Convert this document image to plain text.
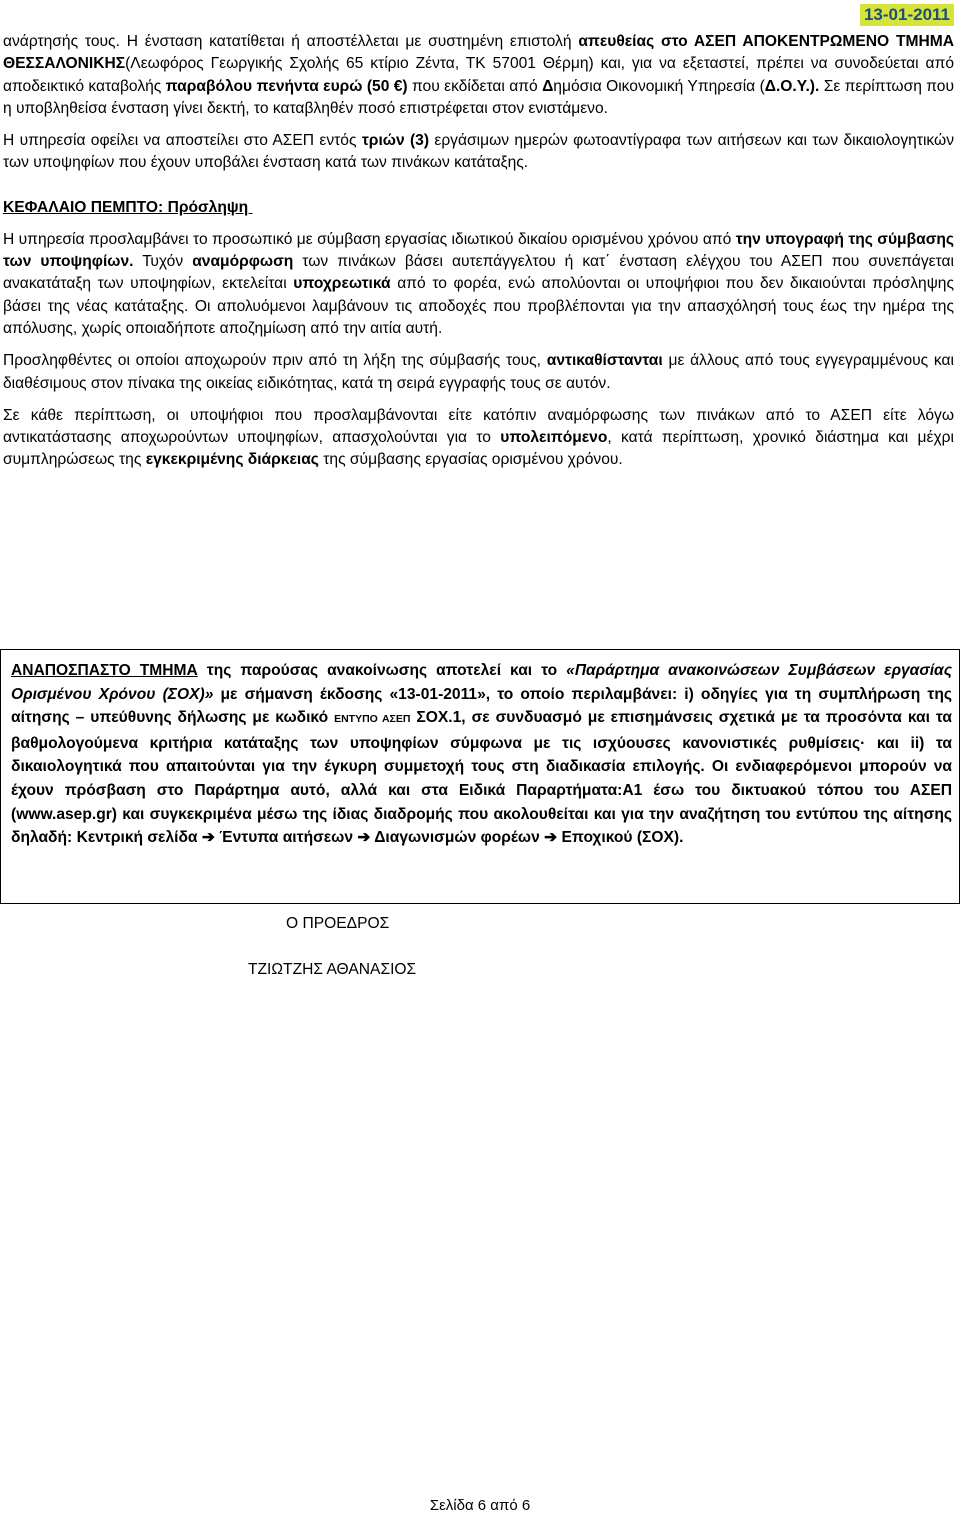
13-01-2011

ανάρτησής τους. Η ένσταση κατατίθεται ή αποστέλλεται με συστημένη επιστολή απευθείας στο ΑΣΕΠ ΑΠΟΚΕΝΤΡΩΜΕΝΟ ΤΜΗΜΑ ΘΕΣΣΑΛΟΝΙΚΗΣ(Λεωφόρος Γεωργικής Σχολής 65 κτίριο Ζέντα, ΤΚ 57001 Θέρμη) και, για να εξεταστεί, πρέπει να συνοδεύεται από αποδεικτικό καταβολής παραβόλου πενήντα ευρώ (50 €) που εκδίδεται από Δημόσια Οικονομική Υπηρεσία (Δ.Ο.Υ.). Σε περίπτωση που η υποβληθείσα ένσταση γίνει δεκτή, το καταβληθέν ποσό επιστρέφεται στον ενιστάμενο.

Η υπηρεσία οφείλει να αποστείλει στο ΑΣΕΠ εντός τριών (3) εργάσιμων ημερών φωτοαντίγραφα των αιτήσεων και των δικαιολογητικών των υποψηφίων που έχουν υποβάλει ένσταση κατά των πινάκων κατάταξης.

ΚΕΦΑΛΑΙΟ ΠΕΜΠΤΟ: Πρόσληψη

Η υπηρεσία προσλαμβάνει το προσωπικό με σύμβαση εργασίας ιδιωτικού δικαίου ορισμένου χρόνου από την υπογραφή της σύμβασης των υποψηφίων. Τυχόν αναμόρφωση των πινάκων βάσει αυτεπάγγελτου ή κατ΄ ένσταση ελέγχου του ΑΣΕΠ που συνεπάγεται ανακατάταξη των υποψηφίων, εκτελείται υποχρεωτικά από το φορέα, ενώ απολύονται οι υποψήφιοι που δεν δικαιούνται πρόσληψης βάσει της νέας κατάταξης. Οι απολυόμενοι λαμβάνουν τις αποδοχές που προβλέπονται για την απασχόλησή τους έως την ημέρα της απόλυσης, χωρίς οποιαδήποτε αποζημίωση από την αιτία αυτή.

Προσληφθέντες οι οποίοι αποχωρούν πριν από τη λήξη της σύμβασής τους, αντικαθίστανται με άλλους από τους εγγεγραμμένους και διαθέσιμους στον πίνακα της οικείας ειδικότητας, κατά τη σειρά εγγραφής τους σε αυτόν.

Σε κάθε περίπτωση, οι υποψήφιοι που προσλαμβάνονται είτε κατόπιν αναμόρφωσης των πινάκων από το ΑΣΕΠ είτε λόγω αντικατάστασης αποχωρούντων υποψηφίων, απασχολούνται για το υπολειπόμενο, κατά περίπτωση, χρονικό διάστημα και μέχρι συμπληρώσεως της εγκεκριμένης διάρκειας της σύμβασης εργασίας ορισμένου χρόνου.

ΑΝΑΠΟΣΠΑΣΤΟ ΤΜΗΜΑ της παρούσας ανακοίνωσης αποτελεί και το «Παράρτημα ανακοινώσεων Συμβάσεων εργασίας Ορισμένου Χρόνου (ΣΟΧ)» με σήμανση έκδοσης «13-01-2011», το οποίο περιλαμβάνει: i) οδηγίες για τη συμπλήρωση της αίτησης – υπεύθυνης δήλωσης με κωδικό ΕΝΤΥΠΟ ΑΣΕΠ ΣΟΧ.1, σε συνδυασμό με επισημάνσεις σχετικά με τα προσόντα και τα βαθμολογούμενα κριτήρια κατάταξης των υποψηφίων σύμφωνα με τις ισχύουσες κανονιστικές ρυθμίσεις· και ii) τα δικαιολογητικά που απαιτούνται για την έγκυρη συμμετοχή τους στη διαδικασία επιλογής. Οι ενδιαφερόμενοι μπορούν να έχουν πρόσβαση στο Παράρτημα αυτό, αλλά και στα Ειδικά Παραρτήματα:Α1 έσω του δικτυακού τόπου του ΑΣΕΠ (www.asep.gr) και συγκεκριμένα μέσω της ίδιας διαδρομής που ακολουθείται και για την αναζήτηση του εντύπου της αίτησης δηλαδή: Κεντρική σελίδα ➔ Έντυπα αιτήσεων ➔ Διαγωνισμών φορέων ➔ Εποχικού (ΣΟΧ).

Ο ΠΡΟΕΔΡΟΣ
ΤΖΙΩΤΖΗΣ ΑΘΑΝΑΣΙΟΣ
Σελίδα 6 από 6
